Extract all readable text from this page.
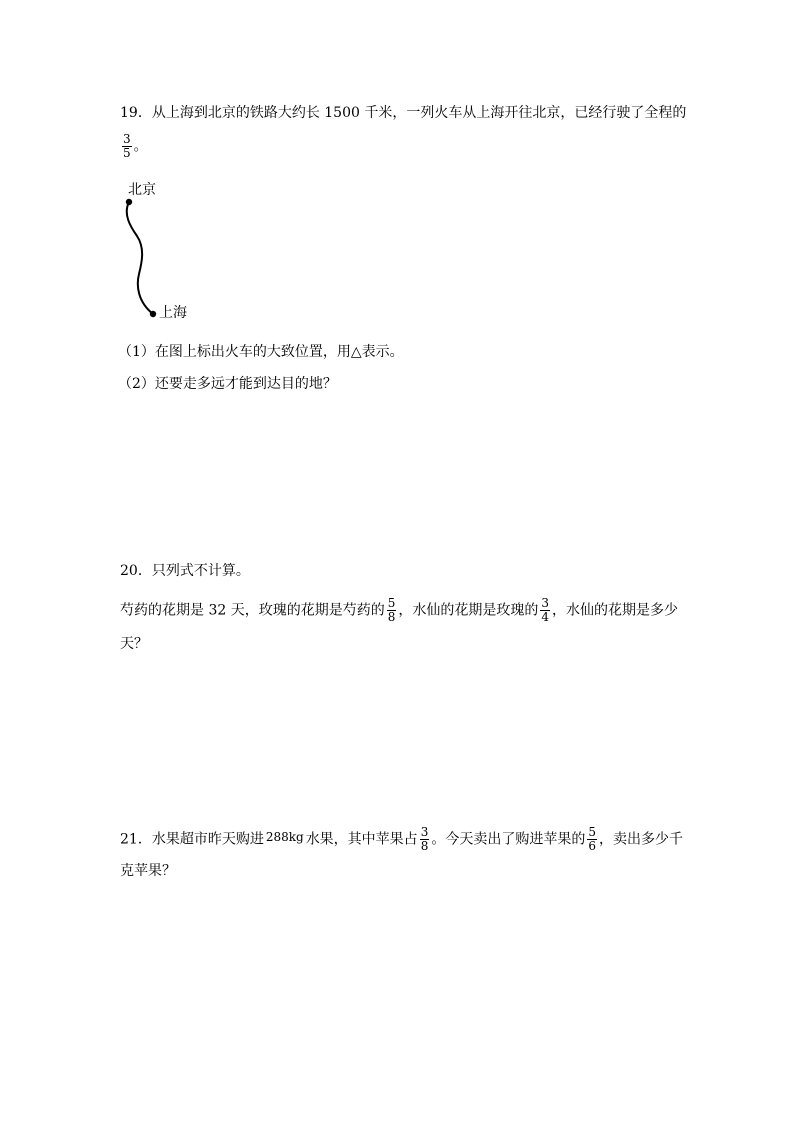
19．从上海到北京的铁路大约长 1500 千米，一列火车从上海开往北京，已经行驶了全程的
$\frac{3}{5}$ 。
北京
上海
（1）在图上标出火车的大致位置，用△表示。
（2）还要走多远才能到达目的地？
20．只列式不计算。
芍药的花期是 32 天，玫瑰的花期是芍药的 $\frac{5}{8}$ ，水仙的花期是玫瑰的 $\frac{3}{4}$ ，水仙的花期是多少
天？
21．水果超市昨天购进 288kg 水果，其中苹果占 $\frac{3}{8}$ 。今天卖出了购进苹果的 $\frac{5}{6}$ ，卖出多少千
克苹果？
